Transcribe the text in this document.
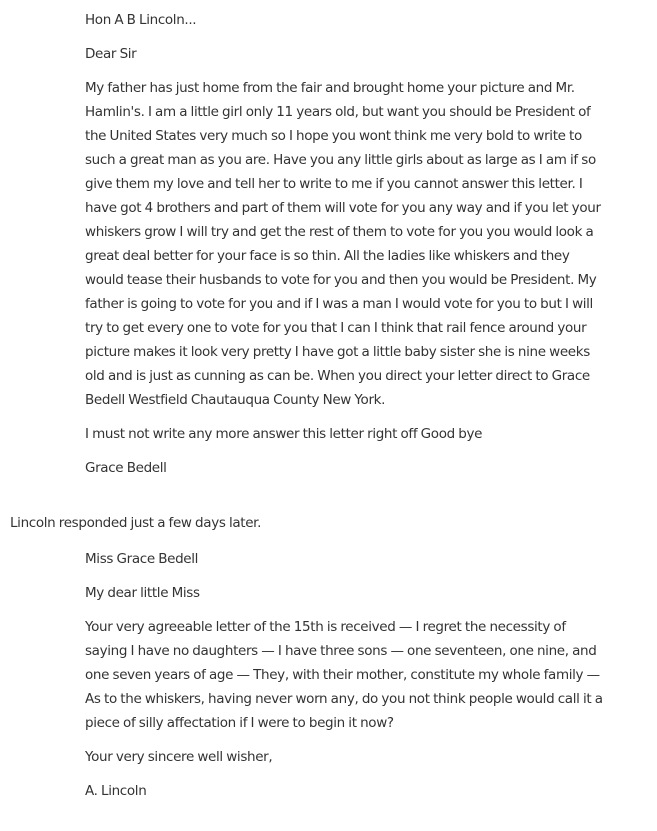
Hon A B Lincoln...

Dear Sir

My father has just home from the fair and brought home your picture and Mr. Hamlin's. I am a little girl only 11 years old, but want you should be President of the United States very much so I hope you wont think me very bold to write to such a great man as you are. Have you any little girls about as large as I am if so give them my love and tell her to write to me if you cannot answer this letter. I have got 4 brothers and part of them will vote for you any way and if you let your whiskers grow I will try and get the rest of them to vote for you you would look a great deal better for your face is so thin. All the ladies like whiskers and they would tease their husbands to vote for you and then you would be President. My father is going to vote for you and if I was a man I would vote for you to but I will try to get every one to vote for you that I can I think that rail fence around your picture makes it look very pretty I have got a little baby sister she is nine weeks old and is just as cunning as can be. When you direct your letter direct to Grace Bedell Westfield Chautauqua County New York.

I must not write any more answer this letter right off Good bye

Grace Bedell

Lincoln responded just a few days later.

Miss Grace Bedell

My dear little Miss

Your very agreeable letter of the 15th is received — I regret the necessity of saying I have no daughters — I have three sons — one seventeen, one nine, and one seven years of age — They, with their mother, constitute my whole family — As to the whiskers, having never worn any, do you not think people would call it a piece of silly affectation if I were to begin it now?

Your very sincere well wisher,

A. Lincoln
